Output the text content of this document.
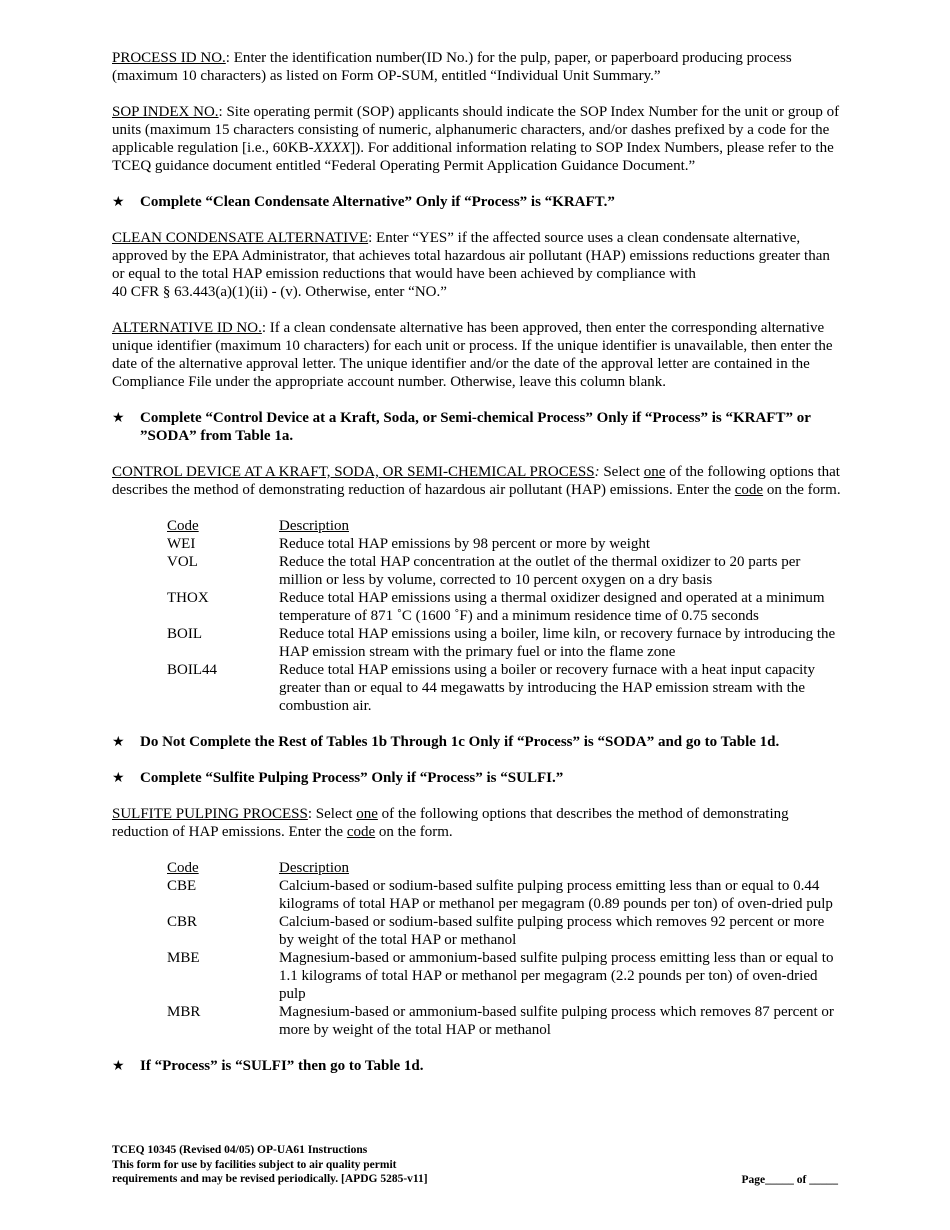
PROCESS ID NO.: Enter the identification number(ID No.) for the pulp, paper, or paperboard producing process (maximum 10 characters) as listed on Form OP-SUM, entitled “Individual Unit Summary.”

SOP INDEX NO.: Site operating permit (SOP) applicants should indicate the SOP Index Number for the unit or group of units (maximum 15 characters consisting of numeric, alphanumeric characters, and/or dashes prefixed by a code for the applicable regulation [i.e., 60KB-XXXX]). For additional information relating to SOP Index Numbers, please refer to the TCEQ guidance document entitled “Federal Operating Permit Application Guidance Document.”

★ Complete “Clean Condensate Alternative” Only if “Process” is “KRAFT.”

CLEAN CONDENSATE ALTERNATIVE: Enter “YES” if the affected source uses a clean condensate alternative, approved by the EPA Administrator, that achieves total hazardous air pollutant (HAP) emissions reductions greater than or equal to the total HAP emission reductions that would have been achieved by compliance with
40 CFR § 63.443(a)(1)(ii) - (v). Otherwise, enter “NO.”

ALTERNATIVE ID NO.: If a clean condensate alternative has been approved, then enter the corresponding alternative unique identifier (maximum 10 characters) for each unit or process. If the unique identifier is unavailable, then enter the date of the alternative approval letter. The unique identifier and/or the date of the approval letter are contained in the Compliance File under the appropriate account number. Otherwise, leave this column blank.

★ Complete “Control Device at a Kraft, Soda, or Semi-chemical Process” Only if “Process” is “KRAFT” or ”SODA” from Table 1a.

CONTROL DEVICE AT A KRAFT, SODA, OR SEMI-CHEMICAL PROCESS: Select one of the following options that describes the method of demonstrating reduction of hazardous air pollutant (HAP) emissions. Enter the code on the form.

Code	Description
WEI	Reduce total HAP emissions by 98 percent or more by weight
VOL	Reduce the total HAP concentration at the outlet of the thermal oxidizer to 20 parts per million or less by volume, corrected to 10 percent oxygen on a dry basis
THOX	Reduce total HAP emissions using a thermal oxidizer designed and operated at a minimum temperature of 871 ˚C (1600 ˚F) and a minimum residence time of 0.75 seconds
BOIL	Reduce total HAP emissions using a boiler, lime kiln, or recovery furnace by introducing the HAP emission stream with the primary fuel or into the flame zone
BOIL44	Reduce total HAP emissions using a boiler or recovery furnace with a heat input capacity greater than or equal to 44 megawatts by introducing the HAP emission stream with the combustion air.
★ Do Not Complete the Rest of Tables 1b Through 1c Only if “Process” is “SODA” and go to Table 1d.
★ Complete “Sulfite Pulping Process” Only if “Process” is “SULFI.”

SULFITE PULPING PROCESS: Select one of the following options that describes the method of demonstrating reduction of HAP emissions. Enter the code on the form.

Code	Description
CBE	Calcium-based or sodium-based sulfite pulping process emitting less than or equal to 0.44 kilograms of total HAP or methanol per megagram (0.89 pounds per ton) of oven-dried pulp
CBR	Calcium-based or sodium-based sulfite pulping process which removes 92 percent or more by weight of the total HAP or methanol
MBE	Magnesium-based or ammonium-based sulfite pulping process emitting less than or equal to 1.1 kilograms of total HAP or methanol per megagram (2.2 pounds per ton) of oven-dried pulp
MBR	Magnesium-based or ammonium-based sulfite pulping process which removes 87 percent or more by weight of the total HAP or methanol
★ If “Process” is “SULFI” then go to Table 1d.
TCEQ 10345 (Revised 04/05) OP-UA61 Instructions
This form for use by facilities subject to air quality permit
requirements and may be revised periodically. [APDG 5285-v11]	Page_____ of _____
